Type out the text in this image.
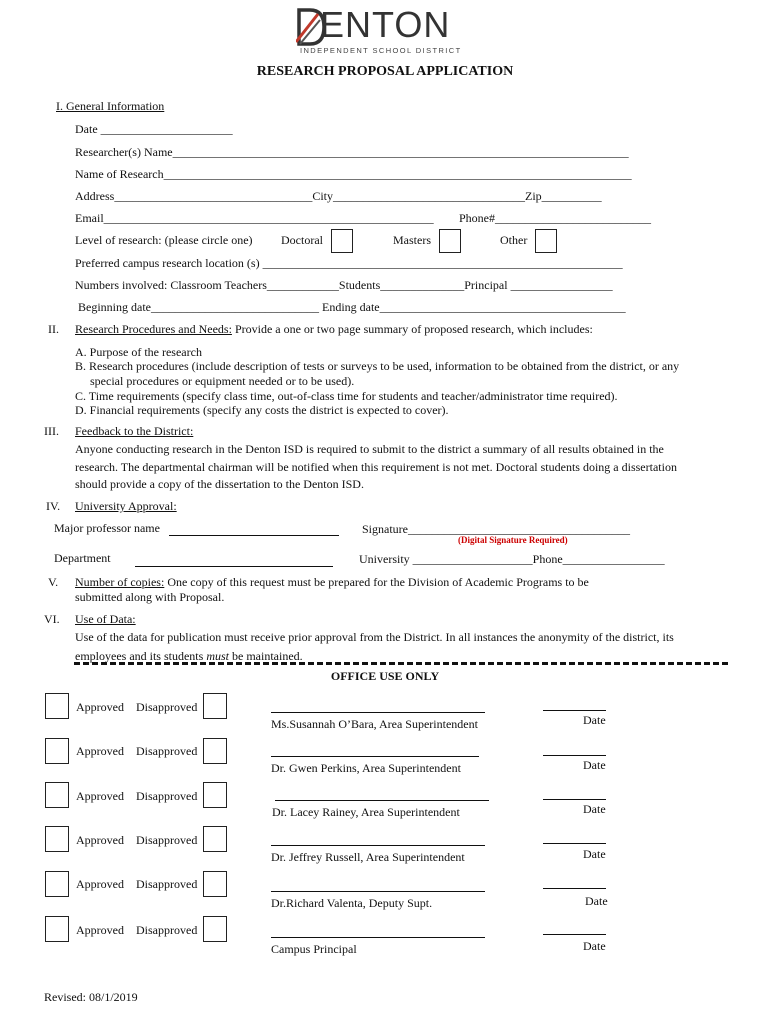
ENTON
INDEPENDENT SCHOOL DISTRICT
RESEARCH PROPOSAL APPLICATION
I. General Information
Date ______________________
Researcher(s) Name____________________________________________________________________________
Name of Research______________________________________________________________________________
Address_________________________________City________________________________Zip__________
Email_______________________________________________________ Phone#__________________________
Level of research: (please circle one) Doctoral	Masters	Other
Preferred campus research location (s) ____________________________________________________________
Numbers involved: Classroom Teachers____________Students______________Principal _________________
Beginning date____________________________ Ending date_________________________________________
II. Research Procedures and Needs: Provide a one or two page summary of proposed research, which includes:
A. Purpose of the research
B. Research procedures (include description of tests or surveys to be used, information to be obtained from the district, or any
special procedures or equipment needed or to be used).
C. Time requirements (specify class time, out-of-class time for students and teacher/administrator time required).
D. Financial requirements (specify any costs the district is expected to cover).
III. Feedback to the District:
Anyone conducting research in the Denton ISD is required to submit to the district a summary of all results obtained in the
research. The departmental chairman will be notified when this requirement is not met. Doctoral students doing a dissertation
should provide a copy of the dissertation to the Denton ISD.
IV. University Approval:
Major professor name	Signature_____________________________________
(Digital Signature Required)
Department	University ____________________Phone_________________
V. Number of copies: One copy of this request must be prepared for the Division of Academic Programs to be
submitted along with Proposal.
VI. Use of Data:
Use of the data for publication must receive prior approval from the District. In all instances the anonymity of the district, its
employees and its students must be maintained.
OFFICE USE ONLY
Approved Disapproved
Ms.Susannah O’Bara, Area Superintendent	Date
Approved Disapproved
Dr. Gwen Perkins, Area Superintendent	Date
Approved Disapproved
Dr. Lacey Rainey, Area Superintendent	Date
Approved Disapproved
Dr. Jeffrey Russell, Area Superintendent	Date
Approved Disapproved
Dr.Richard Valenta, Deputy Supt.	Date
Approved Disapproved
Campus Principal	Date
Revised: 08/1/2019
